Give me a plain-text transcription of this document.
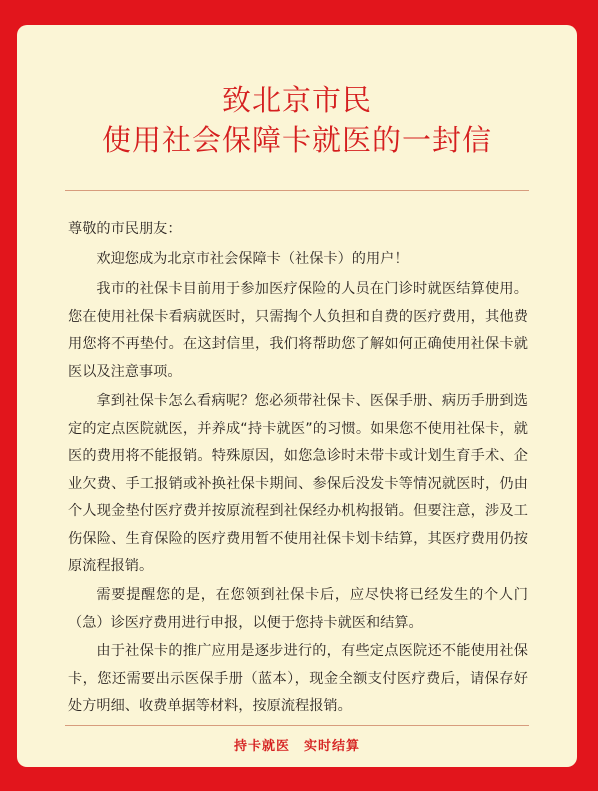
致北京市民
使用社会保障卡就医的一封信

尊敬的市民朋友：

欢迎您成为北京市社会保障卡（社保卡）的用户！

我市的社保卡目前用于参加医疗保险的人员在门诊时就医结算使用。您在使用社保卡看病就医时，只需掏个人负担和自费的医疗费用，其他费用您将不再垫付。在这封信里，我们将帮助您了解如何正确使用社保卡就医以及注意事项。

拿到社保卡怎么看病呢？您必须带社保卡、医保手册、病历手册到选定的定点医院就医，并养成“持卡就医”的习惯。如果您不使用社保卡，就医的费用将不能报销。特殊原因，如您急诊时未带卡或计划生育手术、企业欠费、手工报销或补换社保卡期间、参保后没发卡等情况就医时，仍由个人现金垫付医疗费并按原流程到社保经办机构报销。但要注意，涉及工伤保险、生育保险的医疗费用暂不使用社保卡划卡结算，其医疗费用仍按原流程报销。

需要提醒您的是，在您领到社保卡后，应尽快将已经发生的个人门（急）诊医疗费用进行申报，以便于您持卡就医和结算。

由于社保卡的推广应用是逐步进行的，有些定点医院还不能使用社保卡，您还需要出示医保手册（蓝本），现金全额支付医疗费后，请保存好处方明细、收费单据等材料，按原流程报销。

持卡就医　实时结算
